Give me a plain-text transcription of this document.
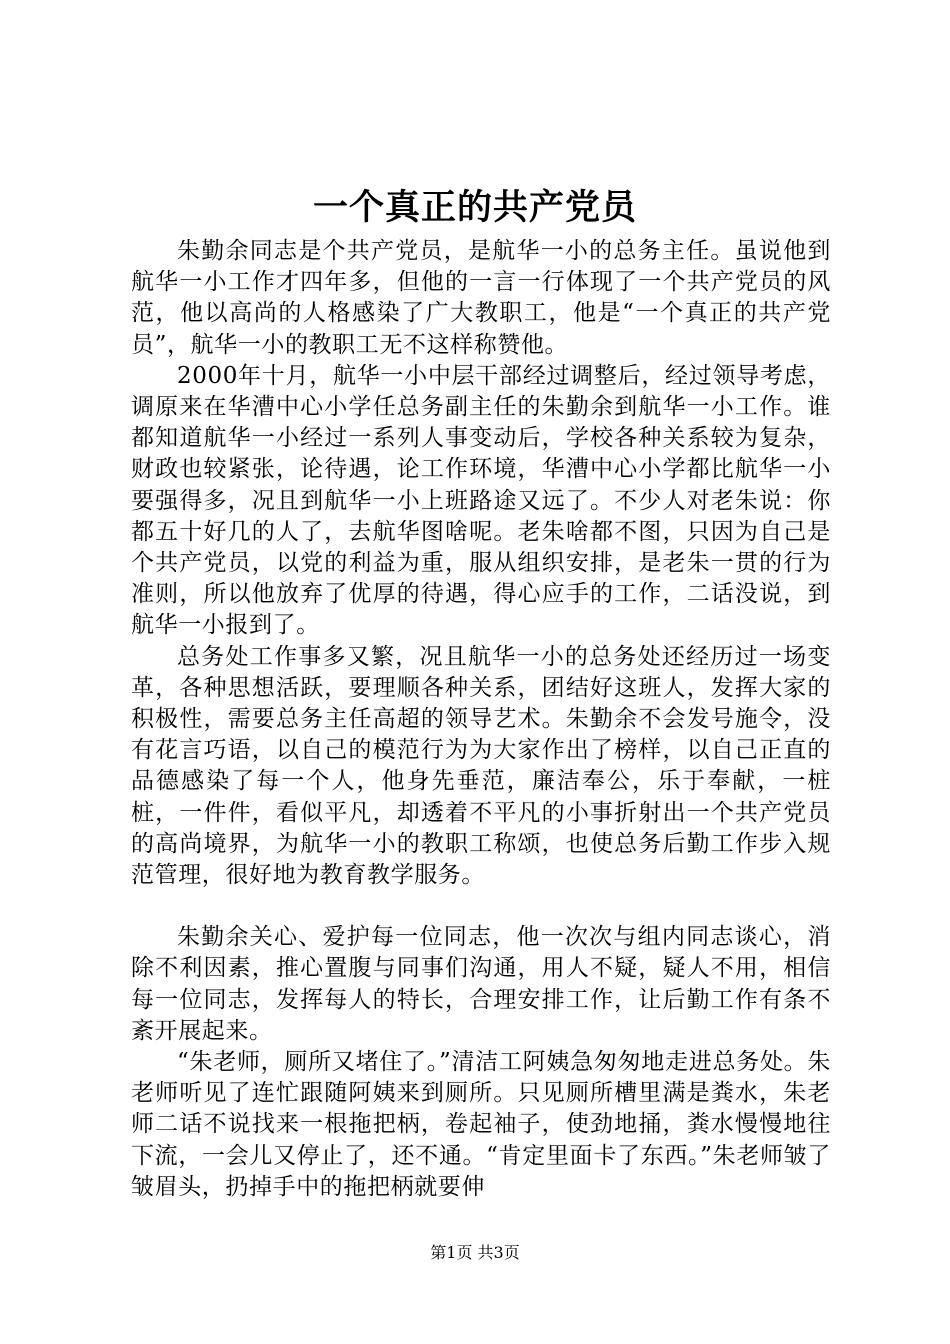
一个真正的共产党员

朱勤余同志是个共产党员，是航华一小的总务主任。虽说他到航华一小工作才四年多，但他的一言一行体现了一个共产党员的风范，他以高尚的人格感染了广大教职工，他是“一个真正的共产党员”，航华一小的教职工无不这样称赞他。

2000年十月，航华一小中层干部经过调整后，经过领导考虑，调原来在华漕中心小学任总务副主任的朱勤余到航华一小工作。谁都知道航华一小经过一系列人事变动后，学校各种关系较为复杂，财政也较紧张，论待遇，论工作环境，华漕中心小学都比航华一小要强得多，况且到航华一小上班路途又远了。不少人对老朱说：你都五十好几的人了，去航华图啥呢。老朱啥都不图，只因为自己是个共产党员，以党的利益为重，服从组织安排，是老朱一贯的行为准则，所以他放弃了优厚的待遇，得心应手的工作，二话没说，到航华一小报到了。

总务处工作事多又繁，况且航华一小的总务处还经历过一场变革，各种思想活跃，要理顺各种关系，团结好这班人，发挥大家的积极性，需要总务主任高超的领导艺术。朱勤余不会发号施令，没有花言巧语，以自己的模范行为为大家作出了榜样，以自己正直的品德感染了每一个人，他身先垂范，廉洁奉公，乐于奉献，一桩桩，一件件，看似平凡，却透着不平凡的小事折射出一个共产党员的高尚境界，为航华一小的教职工称颂，也使总务后勤工作步入规范管理，很好地为教育教学服务。

朱勤余关心、爱护每一位同志，他一次次与组内同志谈心，消除不利因素，推心置腹与同事们沟通，用人不疑，疑人不用，相信每一位同志，发挥每人的特长，合理安排工作，让后勤工作有条不紊开展起来。

“朱老师，厕所又堵住了。”清洁工阿姨急匆匆地走进总务处。朱老师听见了连忙跟随阿姨来到厕所。只见厕所槽里满是粪水，朱老师二话不说找来一根拖把柄，卷起袖子，使劲地捅，粪水慢慢地往下流，一会儿又停止了，还不通。“肯定里面卡了东西。”朱老师皱了皱眉头，扔掉手中的拖把柄就要伸

第1页 共3页
